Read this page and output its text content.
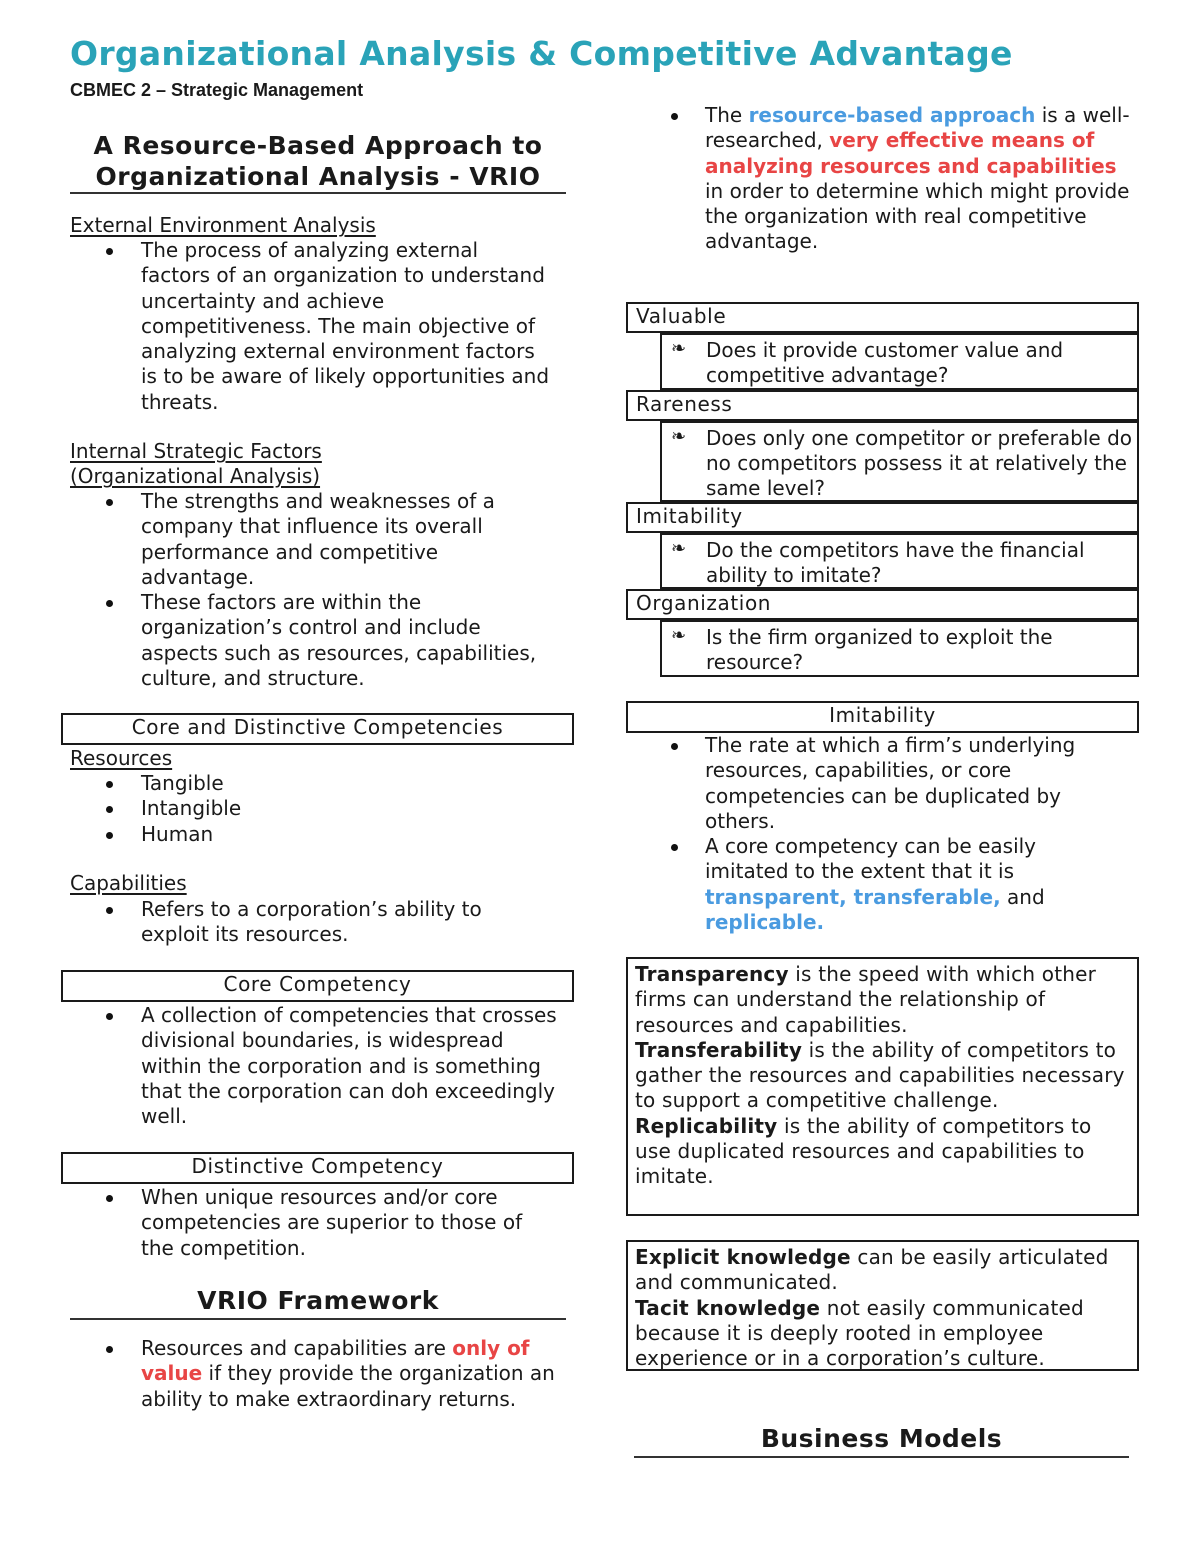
Organizational Analysis & Competitive Advantage
CBMEC 2 – Strategic Management
A Resource-Based Approach to
Organizational Analysis - VRIO
External Environment Analysis
The process of analyzing external factors of an organization to understand uncertainty and achieve competitiveness. The main objective of analyzing external environment factors is to be aware of likely opportunities and threats.
Internal Strategic Factors
(Organizational Analysis)
The strengths and weaknesses of a company that influence its overall performance and competitive advantage.
These factors are within the organization’s control and include aspects such as resources, capabilities, culture, and structure.
Core and Distinctive Competencies
Resources
Tangible
Intangible
Human
Capabilities
Refers to a corporation’s ability to exploit its resources.
Core Competency
A collection of competencies that crosses divisional boundaries, is widespread within the corporation and is something that the corporation can doh exceedingly well.
Distinctive Competency
When unique resources and/or core competencies are superior to those of the competition.
VRIO Framework
Resources and capabilities are only of value if they provide the organization an ability to make extraordinary returns.
The resource-based approach is a well-researched, very effective means of analyzing resources and capabilities in order to determine which might provide the organization with real competitive advantage.
Valuable
❧ Does it provide customer value and competitive advantage?
Rareness
❧ Does only one competitor or preferable do no competitors possess it at relatively the same level?
Imitability
❧ Do the competitors have the financial ability to imitate?
Organization
❧ Is the firm organized to exploit the resource?
Imitability
The rate at which a firm’s underlying resources, capabilities, or core competencies can be duplicated by others.
A core competency can be easily imitated to the extent that it is transparent, transferable, and replicable.
Transparency is the speed with which other firms can understand the relationship of resources and capabilities.
Transferability is the ability of competitors to gather the resources and capabilities necessary to support a competitive challenge.
Replicability is the ability of competitors to use duplicated resources and capabilities to imitate.
Explicit knowledge can be easily articulated and communicated.
Tacit knowledge not easily communicated because it is deeply rooted in employee experience or in a corporation’s culture.
Business Models
